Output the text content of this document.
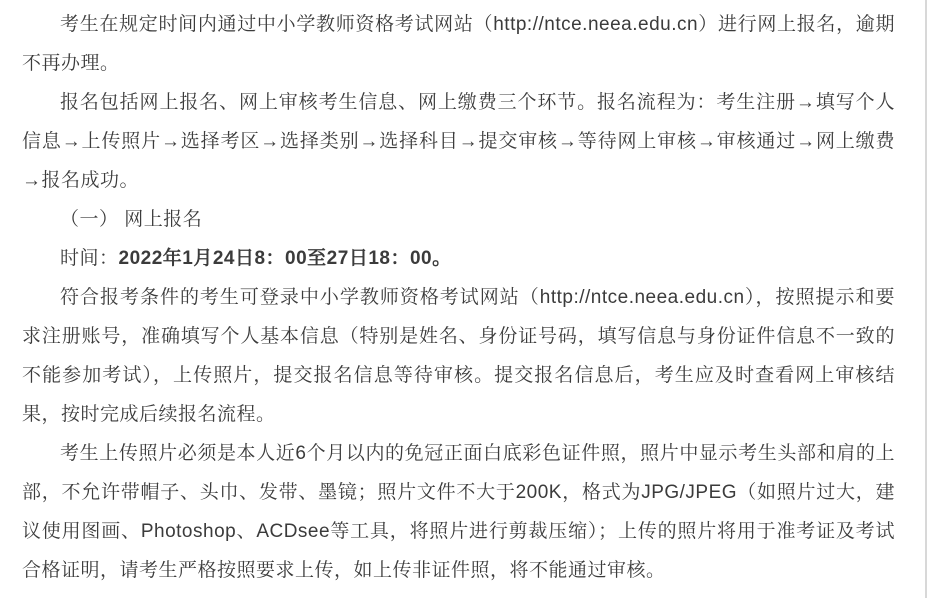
考生在规定时间内通过中小学教师资格考试网站（http://ntce.neea.edu.cn）进行网上报名，逾期不再办理。

报名包括网上报名、网上审核考生信息、网上缴费三个环节。报名流程为：考生注册→填写个人信息→上传照片→选择考区→选择类别→选择科目→提交审核→等待网上审核→审核通过→网上缴费→报名成功。

（一） 网上报名

时间：2022年1月24日8：00至27日18：00。

符合报考条件的考生可登录中小学教师资格考试网站（http://ntce.neea.edu.cn），按照提示和要求注册账号，准确填写个人基本信息（特别是姓名、身份证号码，填写信息与身份证件信息不一致的不能参加考试），上传照片，提交报名信息等待审核。提交报名信息后，考生应及时查看网上审核结果，按时完成后续报名流程。

考生上传照片必须是本人近6个月以内的免冠正面白底彩色证件照，照片中显示考生头部和肩的上部，不允许带帽子、头巾、发带、墨镜；照片文件不大于200K，格式为JPG/JPEG（如照片过大，建议使用图画、Photoshop、ACDsee等工具，将照片进行剪裁压缩）；上传的照片将用于准考证及考试合格证明，请考生严格按照要求上传，如上传非证件照，将不能通过审核。
